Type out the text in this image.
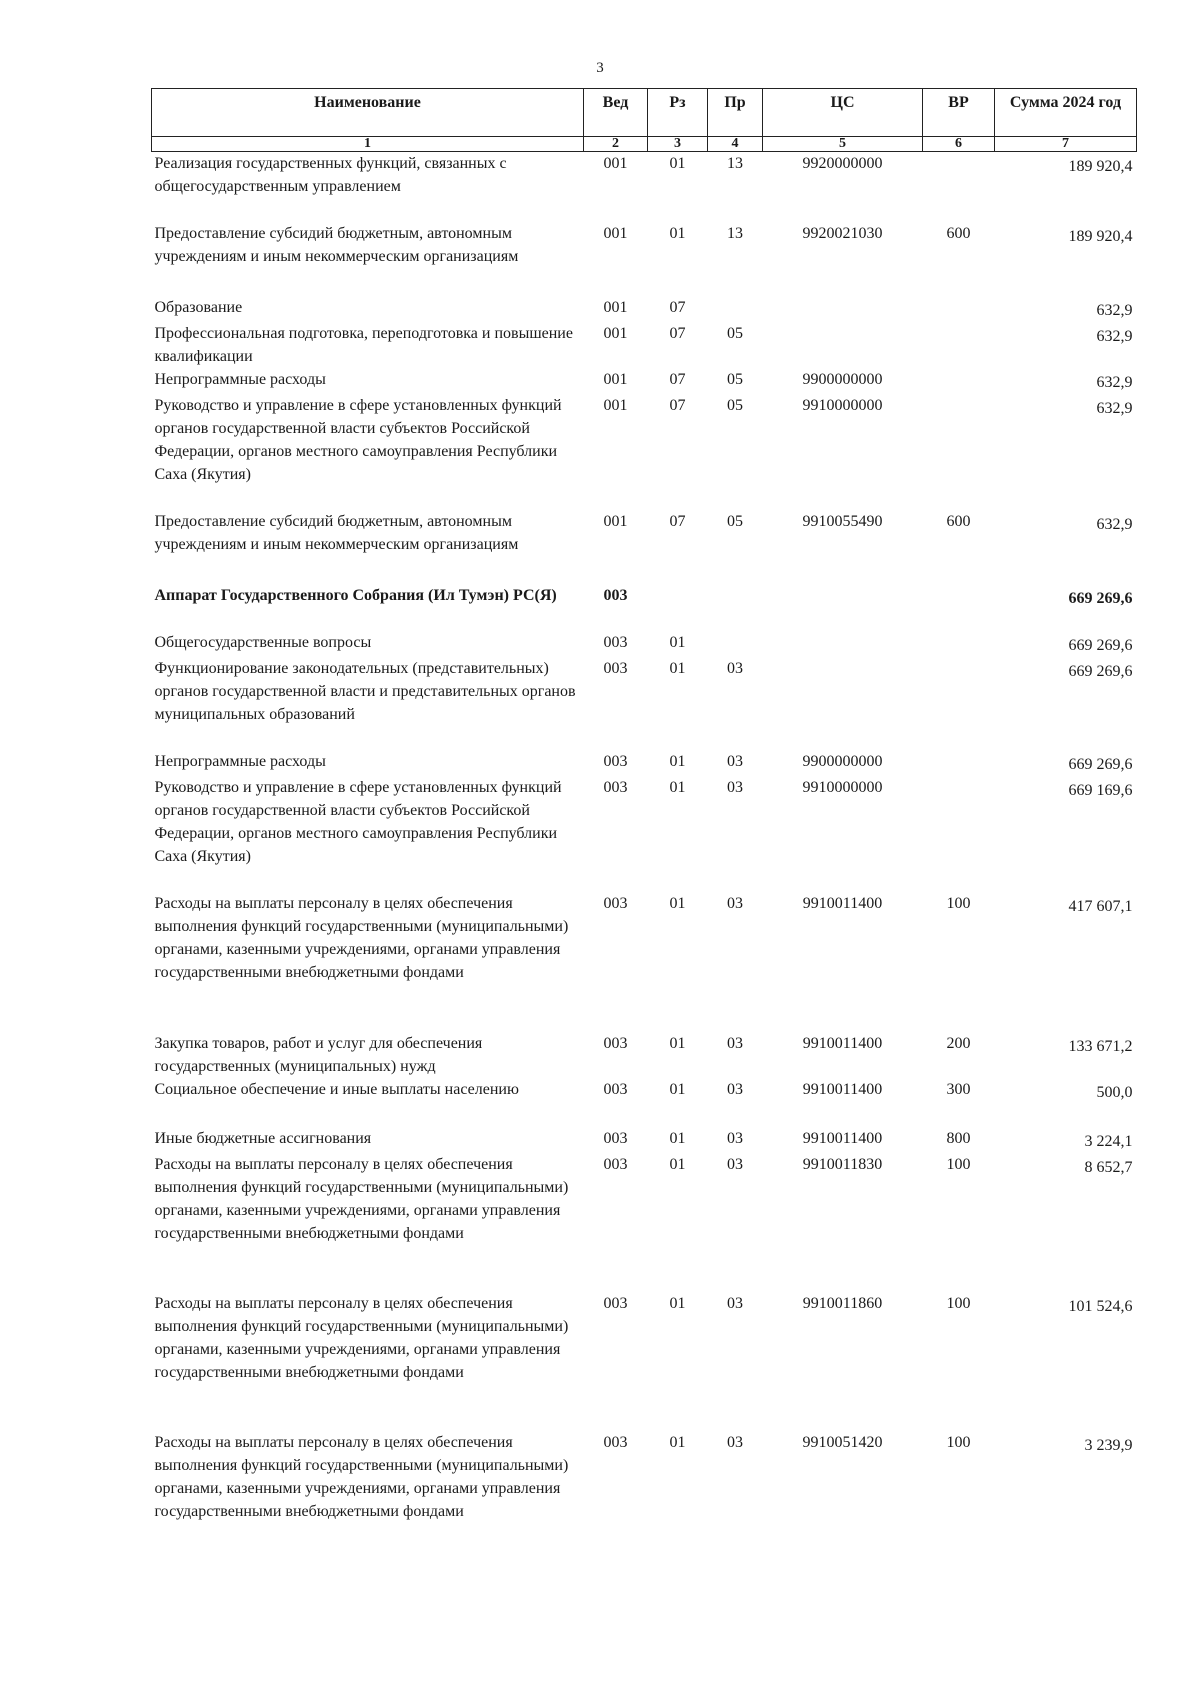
3
Наименование	Вед	Рз	Пр	ЦС	ВР	Сумма 2024 год
1	2	3	4	5	6	7
Реализация государственных функций, связанных с общегосударственным управлением	001	01	13	9920000000		189 920,4
Предоставление субсидий бюджетным, автономным учреждениям и иным некоммерческим организациям	001	01	13	9920021030	600	189 920,4
Образование	001	07				632,9
Профессиональная подготовка, переподготовка и повышение квалификации	001	07	05			632,9
Непрограммные расходы	001	07	05	9900000000		632,9
Руководство и управление в сфере установленных функций органов государственной власти субъектов Российской Федерации, органов местного самоуправления Республики Саха (Якутия)	001	07	05	9910000000		632,9
Предоставление субсидий бюджетным, автономным учреждениям и иным некоммерческим организациям	001	07	05	9910055490	600	632,9
Аппарат Государственного Собрания (Ил Тумэн) РС(Я)	003					669 269,6
Общегосударственные вопросы	003	01				669 269,6
Функционирование законодательных (представительных) органов государственной власти и представительных органов муниципальных образований	003	01	03			669 269,6
Непрограммные расходы	003	01	03	9900000000		669 269,6
Руководство и управление в сфере установленных функций органов государственной власти субъектов Российской Федерации, органов местного самоуправления Республики Саха (Якутия)	003	01	03	9910000000		669 169,6
Расходы на выплаты персоналу в целях обеспечения выполнения функций государственными (муниципальными) органами, казенными учреждениями, органами управления государственными внебюджетными фондами	003	01	03	9910011400	100	417 607,1
Закупка товаров, работ и услуг для обеспечения государственных (муниципальных) нужд	003	01	03	9910011400	200	133 671,2
Социальное обеспечение и иные выплаты населению	003	01	03	9910011400	300	500,0
Иные бюджетные ассигнования	003	01	03	9910011400	800	3 224,1
Расходы на выплаты персоналу в целях обеспечения выполнения функций государственными (муниципальными) органами, казенными учреждениями, органами управления государственными внебюджетными фондами	003	01	03	9910011830	100	8 652,7
Расходы на выплаты персоналу в целях обеспечения выполнения функций государственными (муниципальными) органами, казенными учреждениями, органами управления государственными внебюджетными фондами	003	01	03	9910011860	100	101 524,6
Расходы на выплаты персоналу в целях обеспечения выполнения функций государственными (муниципальными) органами, казенными учреждениями, органами управления государственными внебюджетными фондами	003	01	03	9910051420	100	3 239,9
